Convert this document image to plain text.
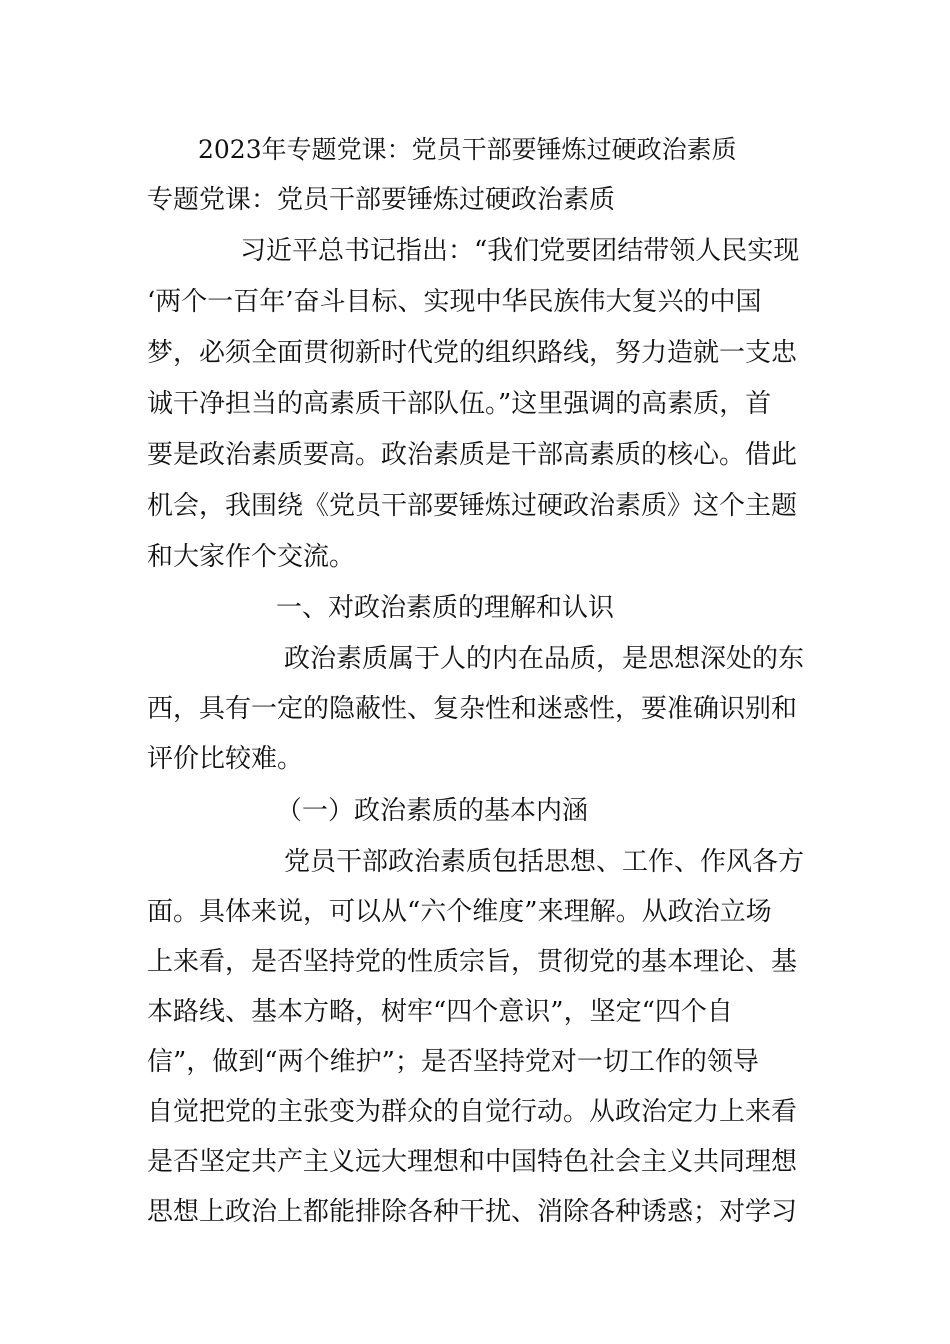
2023年专题党课：党员干部要锤炼过硬政治素质
专题党课：党员干部要锤炼过硬政治素质
习近平总书记指出：“我们党要团结带领人民实现
‘两个一百年’奋斗目标、实现中华民族伟大复兴的中国
梦，必须全面贯彻新时代党的组织路线，努力造就一支忠
诚干净担当的高素质干部队伍。”这里强调的高素质，首
要是政治素质要高。政治素质是干部高素质的核心。借此
机会，我围绕《党员干部要锤炼过硬政治素质》这个主题
和大家作个交流。
一、对政治素质的理解和认识
政治素质属于人的内在品质，是思想深处的东
西，具有一定的隐蔽性、复杂性和迷惑性，要准确识别和
评价比较难。
（一）政治素质的基本内涵
党员干部政治素质包括思想、工作、作风各方
面。具体来说，可以从“六个维度”来理解。从政治立场
上来看，是否坚持党的性质宗旨，贯彻党的基本理论、基
本路线、基本方略，树牢“四个意识”，坚定“四个自
信”，做到“两个维护”；是否坚持党对一切工作的领导
自觉把党的主张变为群众的自觉行动。从政治定力上来看
是否坚定共产主义远大理想和中国特色社会主义共同理想
思想上政治上都能排除各种干扰、消除各种诱惑；对学习
